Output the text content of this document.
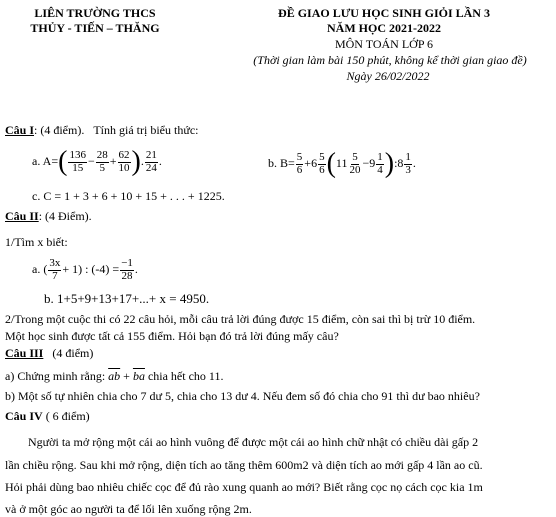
LIÊN TRƯỜNG THCS
THỦY - TIẾN – THĂNG
ĐỀ GIAO LƯU HỌC SINH GIỎI LẦN 3
NĂM HỌC 2021-2022
MÔN TOÁN LỚP 6
(Thời gian làm bài 150 phút, không kể thời gian giao đề)
Ngày 26/02/2022
Câu I: (4 điểm). Tính giá trị biểu thức:
a. A= ( $\frac{136}{15} - \frac{28}{5} + \frac{62}{10}$ ) . $\frac{21}{24}$ .	b. $B= \frac{5}{6} + 6 \frac{5}{6}$ ( $11 \frac{5}{20} - 9 \frac{1}{4}$ ) : $8 \frac{1}{3}$ .
c. C = 1 + 3 + 6 + 10 + 15 + . . . + 1225.
Câu II: (4 Điểm).
1/Tìm x biết:
a. ( $\frac{3x}{7} + 1$) : $(-4) = \frac{-1}{28}$ .
b. 1+5+9+13+17+...+ x = 4950.
2/Trong một cuộc thi có 22 câu hỏi, mỗi câu trả lời đúng được 15 điểm, còn sai thì bị trừ 10 điểm.
Một học sinh được tất cả 155 điểm. Hỏi bạn đó trả lời đúng mấy câu?
Câu III (4 điểm)
a) Chứng minh rằng: $\overline{ab} + \overline{ba}$ chia hết cho 11.
b) Một số tự nhiên chia cho 7 dư 5, chia cho 13 dư 4. Nếu đem số đó chia cho 91 thì dư bao nhiêu?
Câu IV ( 6 điểm)
Người ta mở rộng một cái ao hình vuông để được một cái ao hình chữ nhật có chiều dài gấp 2
lần chiều rộng. Sau khi mở rộng, diện tích ao tăng thêm 600m2 và diện tích ao mới gấp 4 lần ao cũ.
Hỏi phải dùng bao nhiêu chiếc cọc để đủ rào xung quanh ao mới? Biết rằng cọc nọ cách cọc kia 1m
và ở một góc ao người ta để lối lên xuống rộng 2m.
